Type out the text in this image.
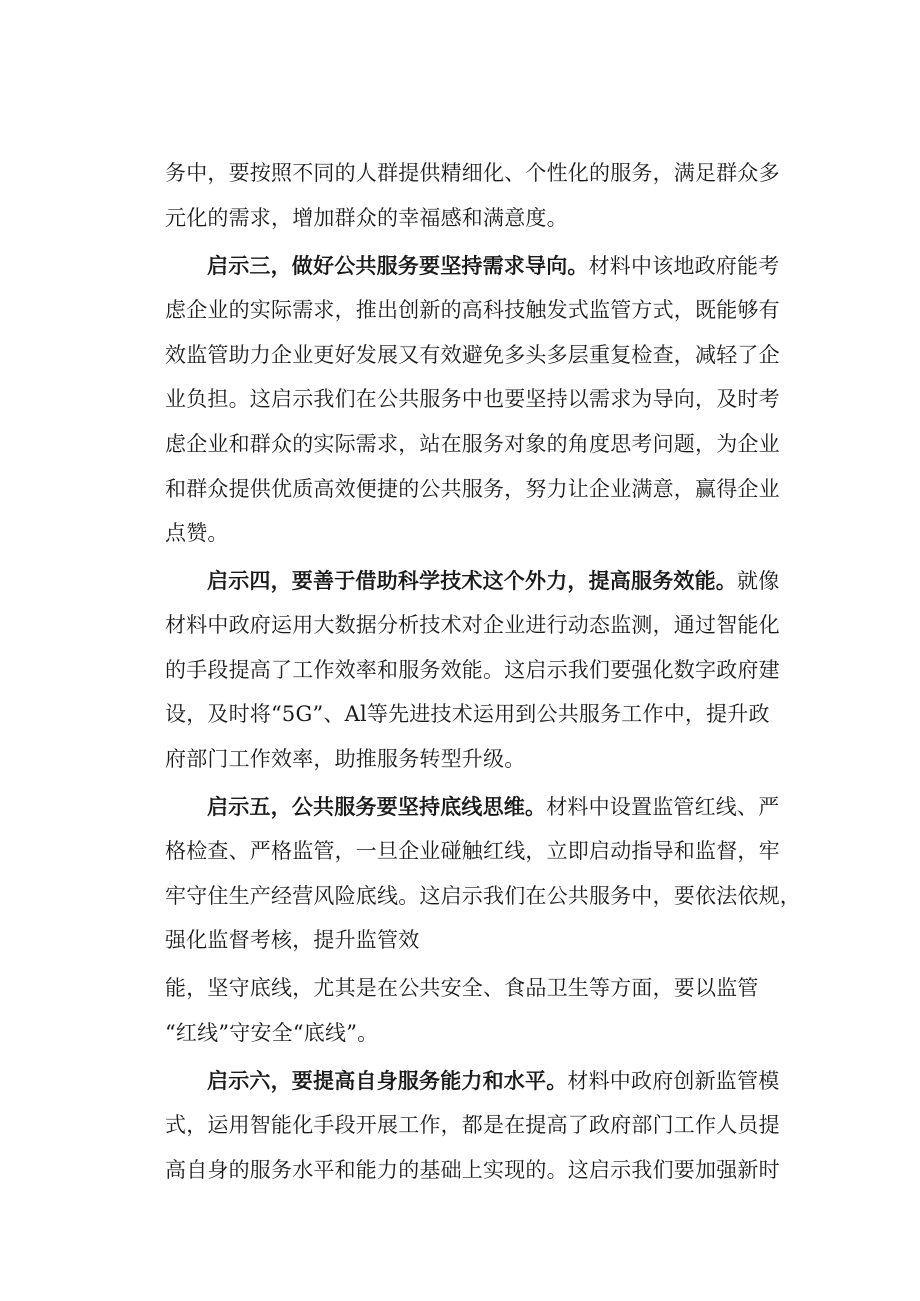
务中，要按照不同的人群提供精细化、个性化的服务，满足群众多
元化的需求，增加群众的幸福感和满意度。
启示三，做好公共服务要坚持需求导向。材料中该地政府能考
虑企业的实际需求，推出创新的高科技触发式监管方式，既能够有
效监管助力企业更好发展又有效避免多头多层重复检查，减轻了企
业负担。这启示我们在公共服务中也要坚持以需求为导向，及时考
虑企业和群众的实际需求，站在服务对象的角度思考问题，为企业
和群众提供优质高效便捷的公共服务，努力让企业满意，赢得企业
点赞。
启示四，要善于借助科学技术这个外力，提高服务效能。就像
材料中政府运用大数据分析技术对企业进行动态监测，通过智能化
的手段提高了工作效率和服务效能。这启示我们要强化数字政府建
设，及时将“5G”、Al等先进技术运用到公共服务工作中，提升政
府部门工作效率，助推服务转型升级。
启示五，公共服务要坚持底线思维。材料中设置监管红线、严
格检查、严格监管，一旦企业碰触红线，立即启动指导和监督，牢
牢守住生产经营风险底线。这启示我们在公共服务中，要依法依规，
强化监督考核，提升监管效
能，坚守底线，尤其是在公共安全、食品卫生等方面，要以监管
“红线”守安全“底线”。
启示六，要提高自身服务能力和水平。材料中政府创新监管模
式，运用智能化手段开展工作，都是在提高了政府部门工作人员提
高自身的服务水平和能力的基础上实现的。这启示我们要加强新时
